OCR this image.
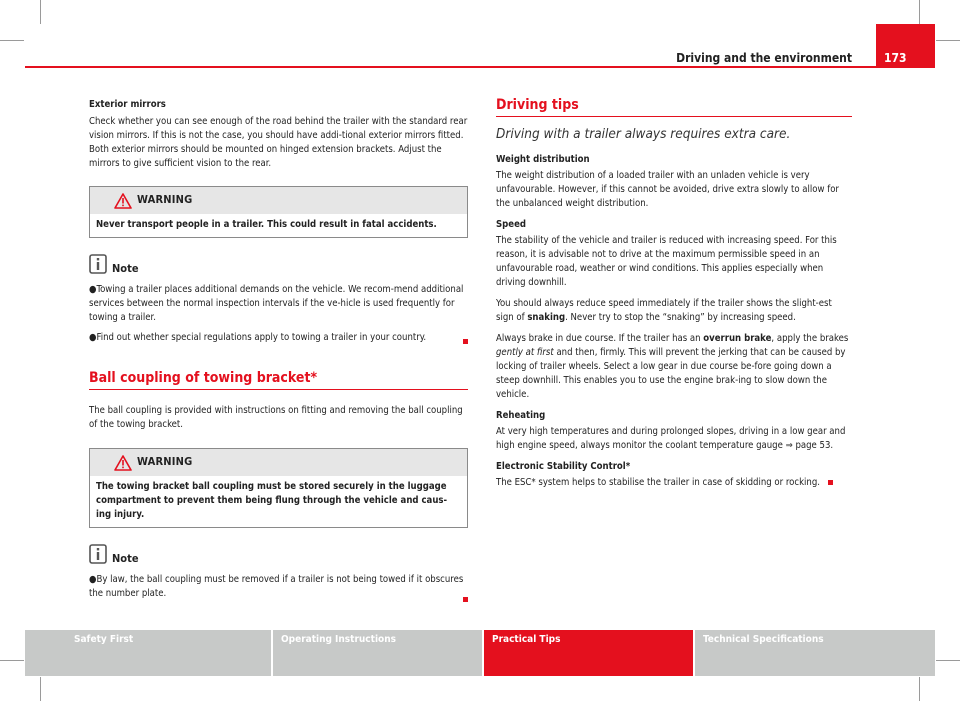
Driving and the environment	173
Exterior mirrors
Check whether you can see enough of the road behind the trailer with the standard rear vision mirrors. If this is not the case, you should have addi-tional exterior mirrors fitted. Both exterior mirrors should be mounted on hinged extension brackets. Adjust the mirrors to give sufficient vision to the rear.
WARNING
Never transport people in a trailer. This could result in fatal accidents.
Note
●Towing a trailer places additional demands on the vehicle. We recom-mend additional services between the normal inspection intervals if the ve-hicle is used frequently for towing a trailer.
●Find out whether special regulations apply to towing a trailer in your country.
Ball coupling of towing bracket*
The ball coupling is provided with instructions on fitting and removing the ball coupling of the towing bracket.
WARNING
The towing bracket ball coupling must be stored securely in the luggage compartment to prevent them being flung through the vehicle and caus-ing injury.
Note
●By law, the ball coupling must be removed if a trailer is not being towed if it obscures the number plate.
Driving tips
Driving with a trailer always requires extra care.
Weight distribution
The weight distribution of a loaded trailer with an unladen vehicle is very unfavourable. However, if this cannot be avoided, drive extra slowly to allow for the unbalanced weight distribution.
Speed
The stability of the vehicle and trailer is reduced with increasing speed. For this reason, it is advisable not to drive at the maximum permissible speed in an unfavourable road, weather or wind conditions. This applies especially when driving downhill.
You should always reduce speed immediately if the trailer shows the slight-est sign of snaking. Never try to stop the “snaking” by increasing speed.
Always brake in due course. If the trailer has an overrun brake, apply the brakes gently at first and then, firmly. This will prevent the jerking that can be caused by locking of trailer wheels. Select a low gear in due course be-fore going down a steep downhill. This enables you to use the engine brak-ing to slow down the vehicle.
Reheating
At very high temperatures and during prolonged slopes, driving in a low gear and high engine speed, always monitor the coolant temperature gauge ⇒ page 53.
Electronic Stability Control*
The ESC* system helps to stabilise the trailer in case of skidding or rocking.
Safety First	Operating Instructions	Practical Tips	Technical Specifications
